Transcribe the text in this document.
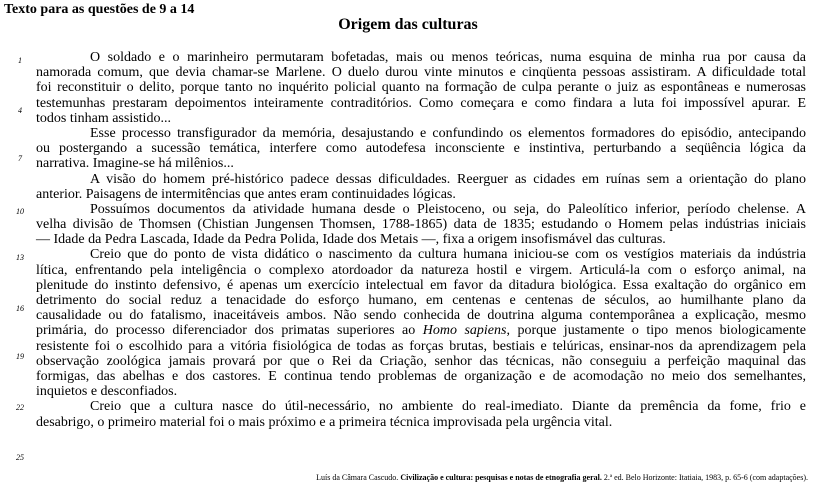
Texto para as questões de 9 a 14
Origem das culturas
1
4
7
10
13
16
19
22
25
O soldado e o marinheiro permutaram bofetadas, mais ou menos teóricas, numa esquina de minha rua por causa da
namorada comum, que devia chamar-se Marlene. O duelo durou vinte minutos e cinqüenta pessoas assistiram. A dificuldade total
foi reconstituir o delito, porque tanto no inquérito policial quanto na formação de culpa perante o juiz as espontâneas e numerosas
testemunhas prestaram depoimentos inteiramente contraditórios. Como começara e como findara a luta foi impossível apurar. E
todos tinham assistido...
Esse processo transfigurador da memória, desajustando e confundindo os elementos formadores do episódio, antecipando
ou postergando a sucessão temática, interfere como autodefesa inconsciente e instintiva, perturbando a seqüência lógica da
narrativa. Imagine-se há milênios...
A visão do homem pré-histórico padece dessas dificuldades. Reerguer as cidades em ruínas sem a orientação do plano
anterior. Paisagens de intermitências que antes eram continuidades lógicas.
Possuímos documentos da atividade humana desde o Pleistoceno, ou seja, do Paleolítico inferior, período chelense. A
velha divisão de Thomsen (Chistian Jungensen Thomsen, 1788-1865) data de 1835; estudando o Homem pelas indústrias iniciais
— Idade da Pedra Lascada, Idade da Pedra Polida, Idade dos Metais —, fixa a origem insofismável das culturas.
Creio que do ponto de vista didático o nascimento da cultura humana iniciou-se com os vestígios materiais da indústria
lítica, enfrentando pela inteligência o complexo atordoador da natureza hostil e virgem. Articulá-la com o esforço animal, na
plenitude do instinto defensivo, é apenas um exercício intelectual em favor da ditadura biológica. Essa exaltação do orgânico em
detrimento do social reduz a tenacidade do esforço humano, em centenas e centenas de séculos, ao humilhante plano da
causalidade ou do fatalismo, inaceitáveis ambos. Não sendo conhecida de doutrina alguma contemporânea a explicação, mesmo
primária, do processo diferenciador dos primatas superiores ao Homo sapiens, porque justamente o tipo menos biologicamente
resistente foi o escolhido para a vitória fisiológica de todas as forças brutas, bestiais e telúricas, ensinar-nos da aprendizagem pela
observação zoológica jamais provará por que o Rei da Criação, senhor das técnicas, não conseguiu a perfeição maquinal das
formigas, das abelhas e dos castores. E continua tendo problemas de organização e de acomodação no meio dos semelhantes,
inquietos e desconfiados.
Creio que a cultura nasce do útil-necessário, no ambiente do real-imediato. Diante da premência da fome, frio e
desabrigo, o primeiro material foi o mais próximo e a primeira técnica improvisada pela urgência vital.
Luís da Câmara Cascudo. Civilização e cultura: pesquisas e notas de etnografia geral. 2.ª ed. Belo Horizonte: Itatiaia, 1983, p. 65-6 (com adaptações).
